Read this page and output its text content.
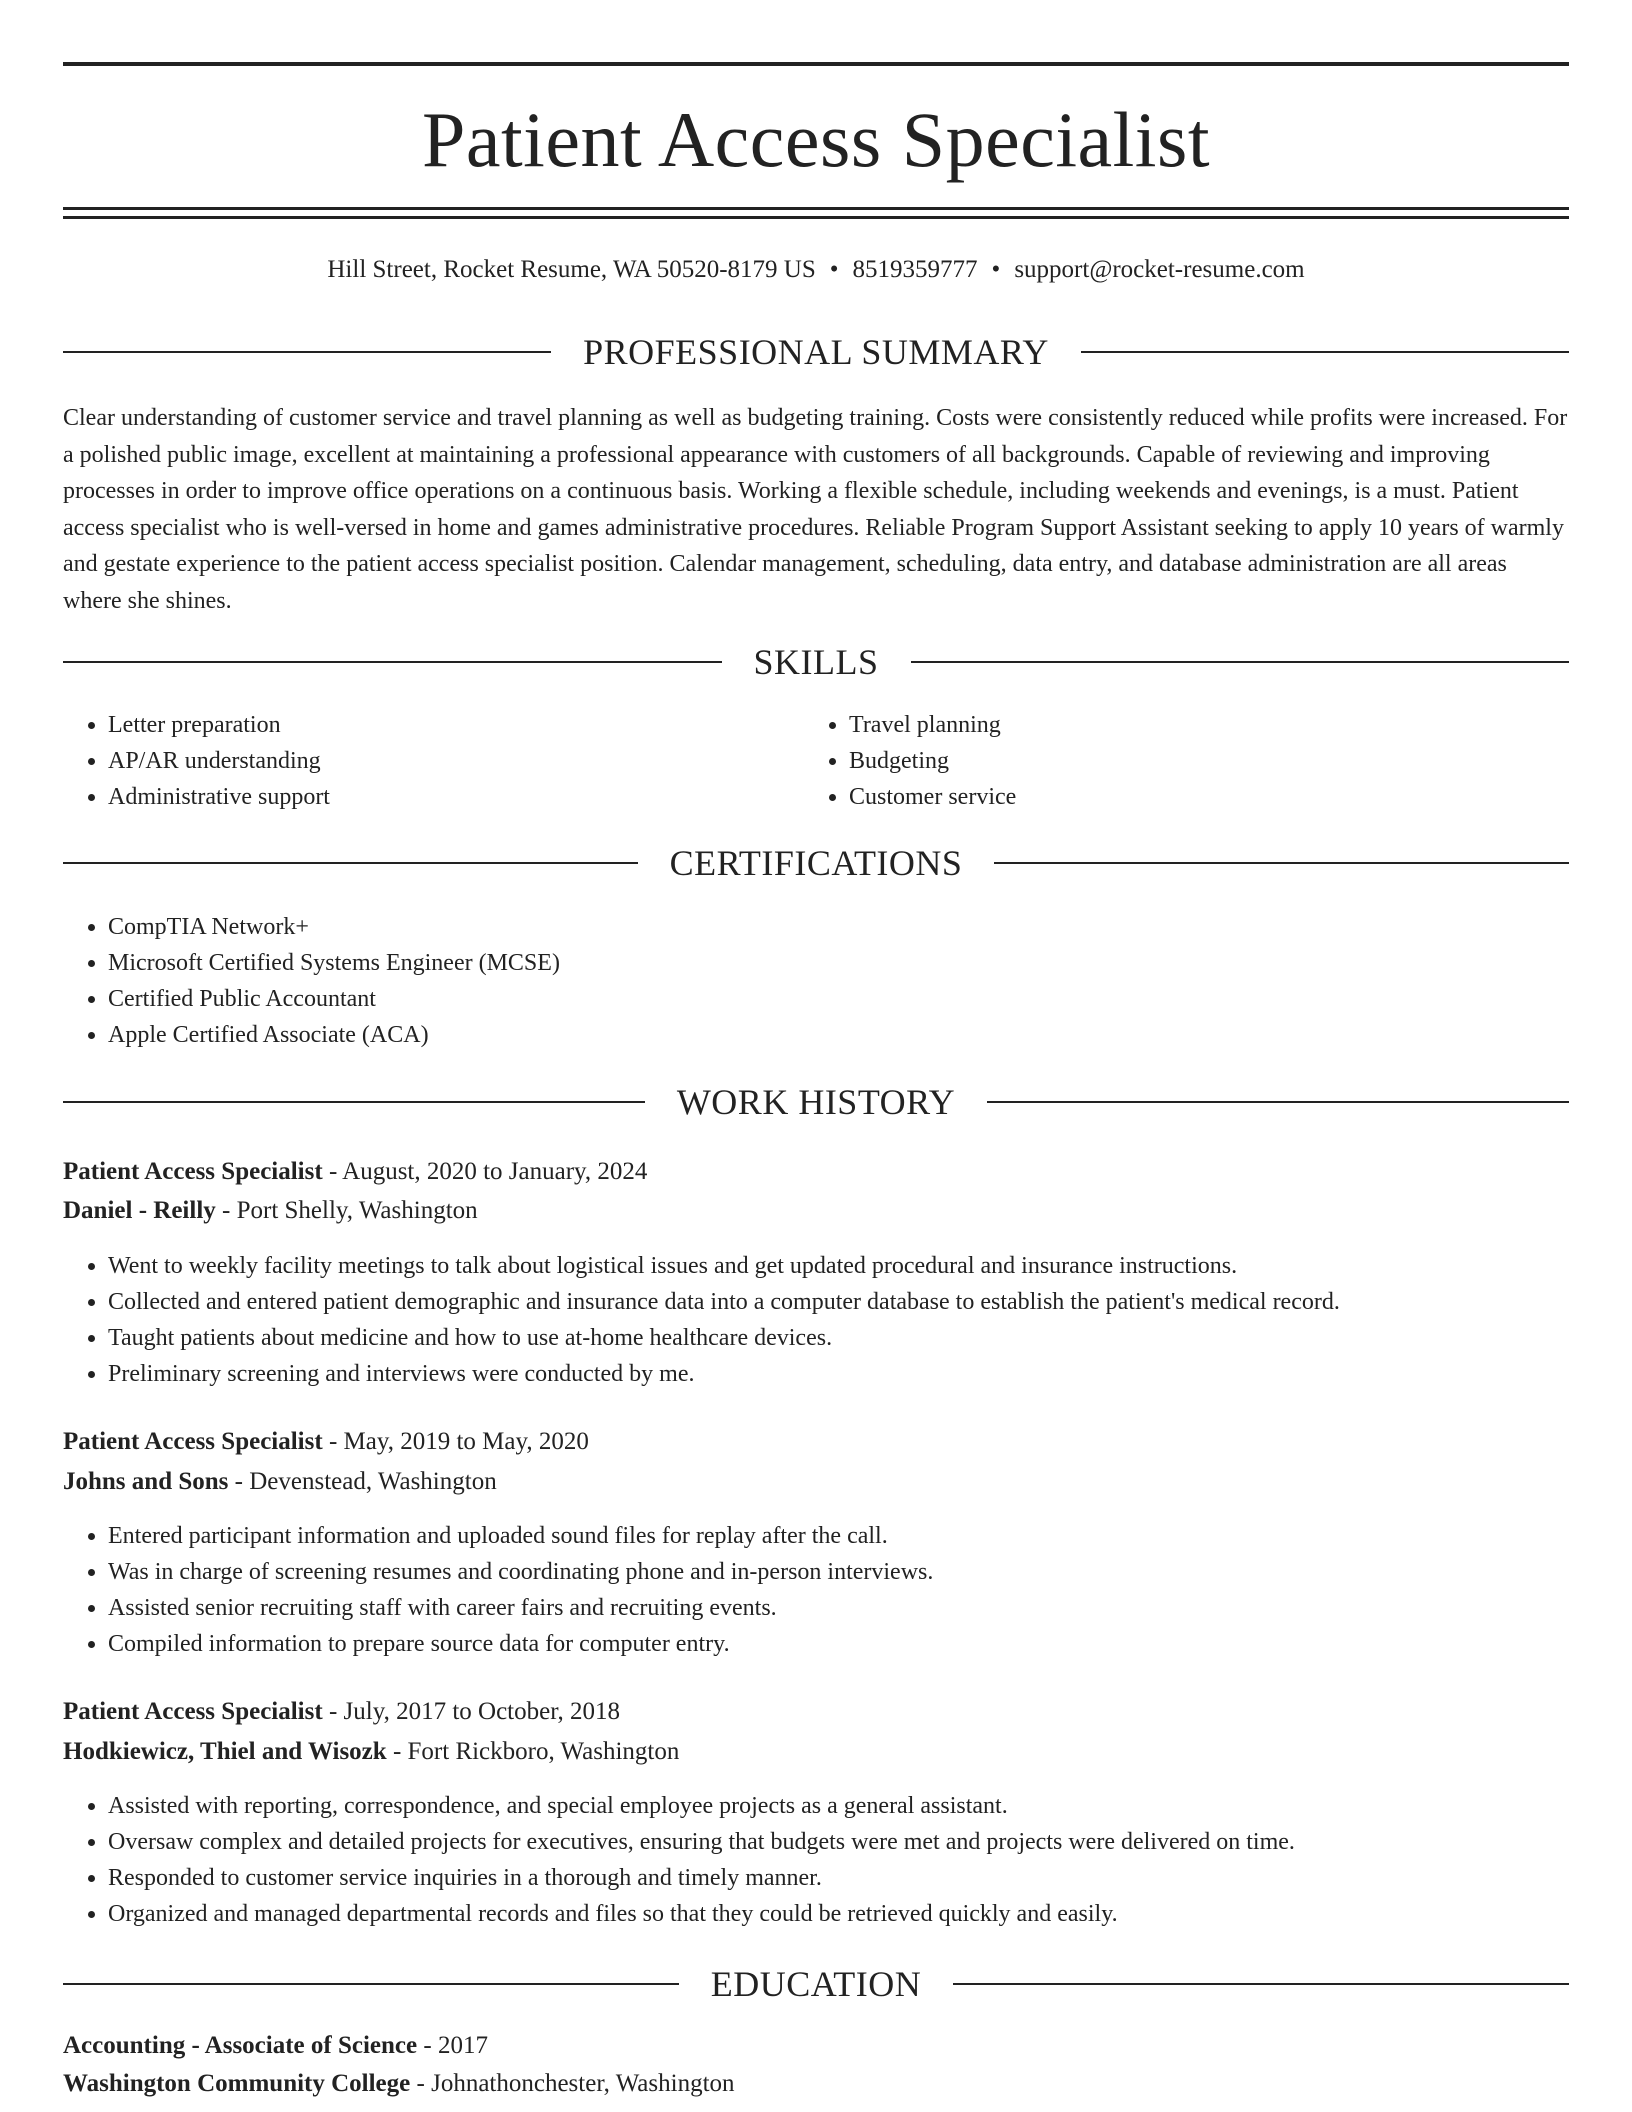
Patient Access Specialist
Hill Street, Rocket Resume, WA 50520-8179 US • 8519359777 • support@rocket-resume.com
PROFESSIONAL SUMMARY

Clear understanding of customer service and travel planning as well as budgeting training. Costs were consistently reduced while profits were increased. For a polished public image, excellent at maintaining a professional appearance with customers of all backgrounds. Capable of reviewing and improving processes in order to improve office operations on a continuous basis. Working a flexible schedule, including weekends and evenings, is a must. Patient access specialist who is well-versed in home and games administrative procedures. Reliable Program Support Assistant seeking to apply 10 years of warmly and gestate experience to the patient access specialist position. Calendar management, scheduling, data entry, and database administration are all areas where she shines.

SKILLS
• Letter preparation
• AP/AR understanding
• Administrative support
• Travel planning
• Budgeting
• Customer service
CERTIFICATIONS
• CompTIA Network+
• Microsoft Certified Systems Engineer (MCSE)
• Certified Public Accountant
• Apple Certified Associate (ACA)
WORK HISTORY
Patient Access Specialist - August, 2020 to January, 2024
Daniel - Reilly - Port Shelly, Washington
• Went to weekly facility meetings to talk about logistical issues and get updated procedural and insurance instructions.
• Collected and entered patient demographic and insurance data into a computer database to establish the patient's medical record.
• Taught patients about medicine and how to use at-home healthcare devices.
• Preliminary screening and interviews were conducted by me.
Patient Access Specialist - May, 2019 to May, 2020
Johns and Sons - Devenstead, Washington
• Entered participant information and uploaded sound files for replay after the call.
• Was in charge of screening resumes and coordinating phone and in-person interviews.
• Assisted senior recruiting staff with career fairs and recruiting events.
• Compiled information to prepare source data for computer entry.
Patient Access Specialist - July, 2017 to October, 2018
Hodkiewicz, Thiel and Wisozk - Fort Rickboro, Washington
• Assisted with reporting, correspondence, and special employee projects as a general assistant.
• Oversaw complex and detailed projects for executives, ensuring that budgets were met and projects were delivered on time.
• Responded to customer service inquiries in a thorough and timely manner.
• Organized and managed departmental records and files so that they could be retrieved quickly and easily.
EDUCATION
Accounting - Associate of Science - 2017
Washington Community College - Johnathonchester, Washington
